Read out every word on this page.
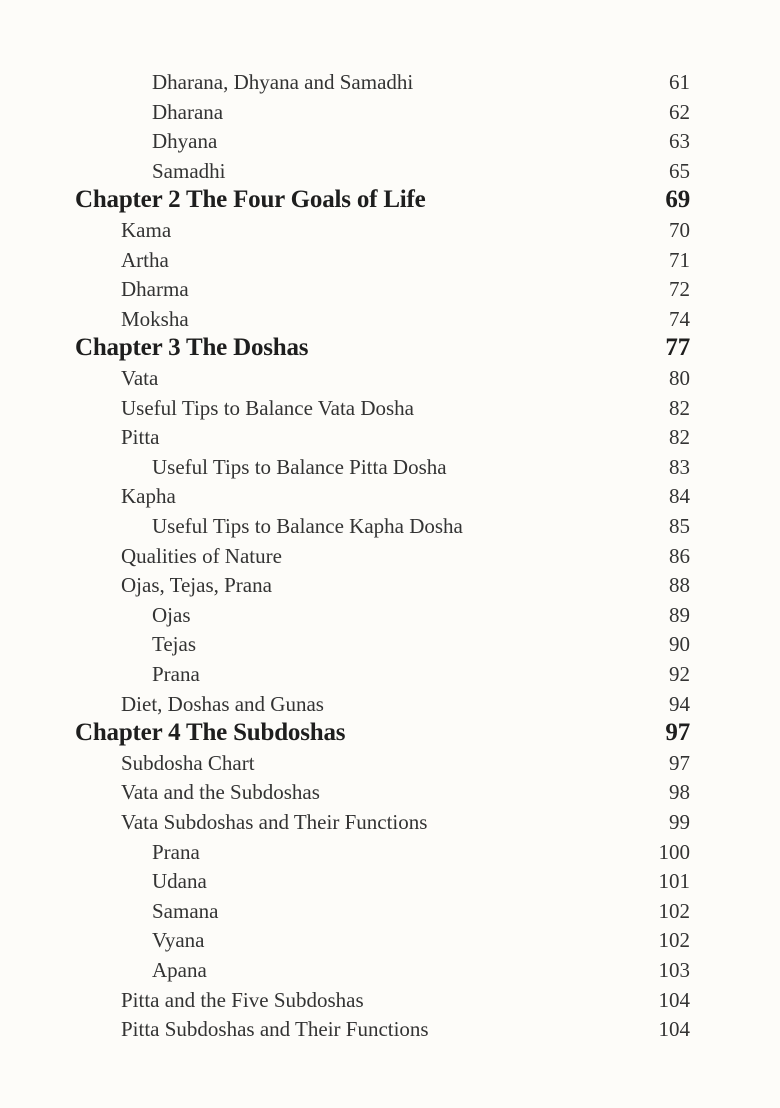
Dharana, Dhyana and Samadhi	61
Dharana	62
Dhyana	63
Samadhi	65
Chapter 2 The Four Goals of Life	69
Kama	70
Artha	71
Dharma	72
Moksha	74
Chapter 3 The Doshas	77
Vata	80
Useful Tips to Balance Vata Dosha	82
Pitta	82
Useful Tips to Balance Pitta Dosha	83
Kapha	84
Useful Tips to Balance Kapha Dosha	85
Qualities of Nature	86
Ojas, Tejas, Prana	88
Ojas	89
Tejas	90
Prana	92
Diet, Doshas and Gunas	94
Chapter 4 The Subdoshas	97
Subdosha Chart	97
Vata and the Subdoshas	98
Vata Subdoshas and Their Functions	99
Prana	100
Udana	101
Samana	102
Vyana	102
Apana	103
Pitta and the Five Subdoshas	104
Pitta Subdoshas and Their Functions	104
